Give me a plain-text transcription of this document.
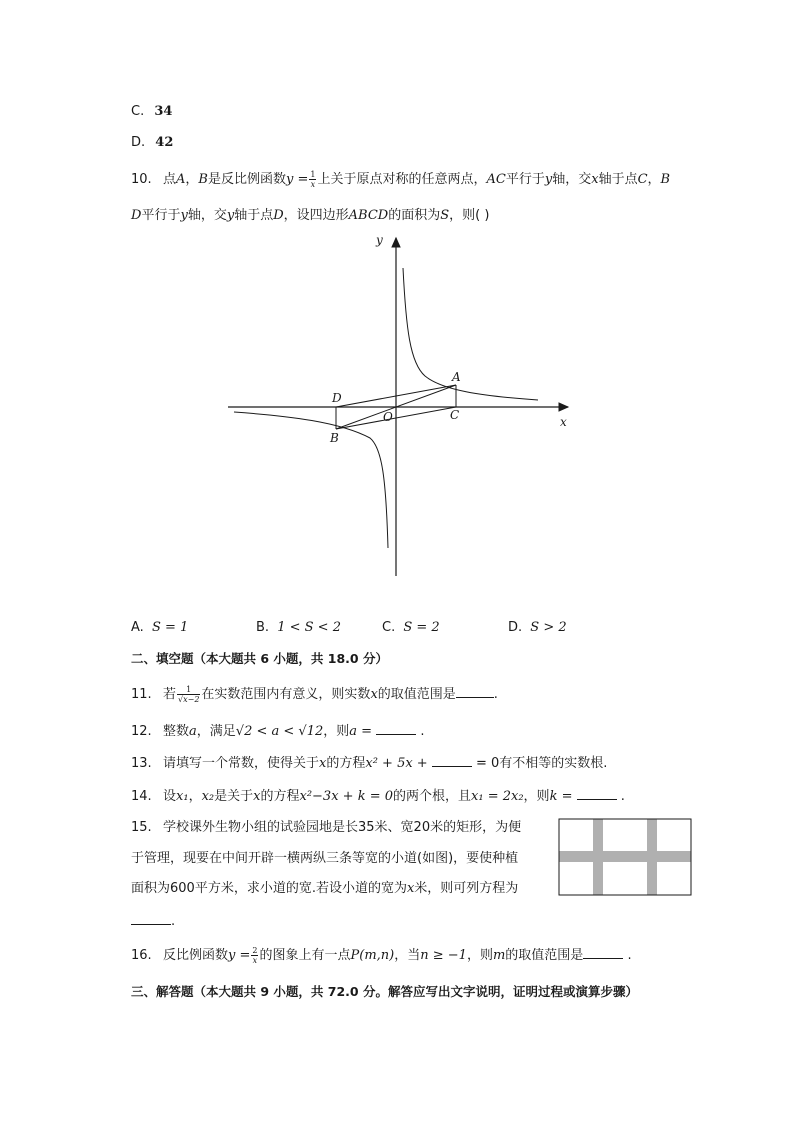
C. 34
D. 42
10. 点A，B是反比例函数$y = \frac{1}{x}$ 上关于原点对称的任意两点，AC平行于y轴，交x轴于点C，B
D平行于y轴，交y轴于点D，设四边形ABCD的面积为S，则( )
y
x
A
D
O	C
B
A. S = 1	B. 1 < S < 2	C. S = 2	D. S > 2
二、填空题（本大题共 6 小题，共 18.0 分）
11. 若 $\frac{1}{√x-2}$ 在实数范围内有意义，则实数x的取值范围是	.
12. 整数a，满足√2 < a < √12，则a =	.
13. 请填写一个常数，使得关于x的方程x² + 5x +	= 0有不相等的实数根.
14. 设x₁，x₂是关于x的方程x²−3x + k = 0的两个根，且x₁ = 2x₂，则k =	.
15. 学校课外生物小组的试验园地是长35米、宽20米的矩形，为便
于管理，现要在中间开辟一横两纵三条等宽的小道(如图)，要使种植
面积为600平方米，求小道的宽.若设小道的宽为x米，则可列方程为
.
16. 反比例函数$y = \frac{2}{x}$ 的图象上有一点P(m,n)，当n ≥ −1，则m的取值范围是	.
三、解答题（本大题共 9 小题，共 72.0 分。解答应写出文字说明，证明过程或演算步骤）
